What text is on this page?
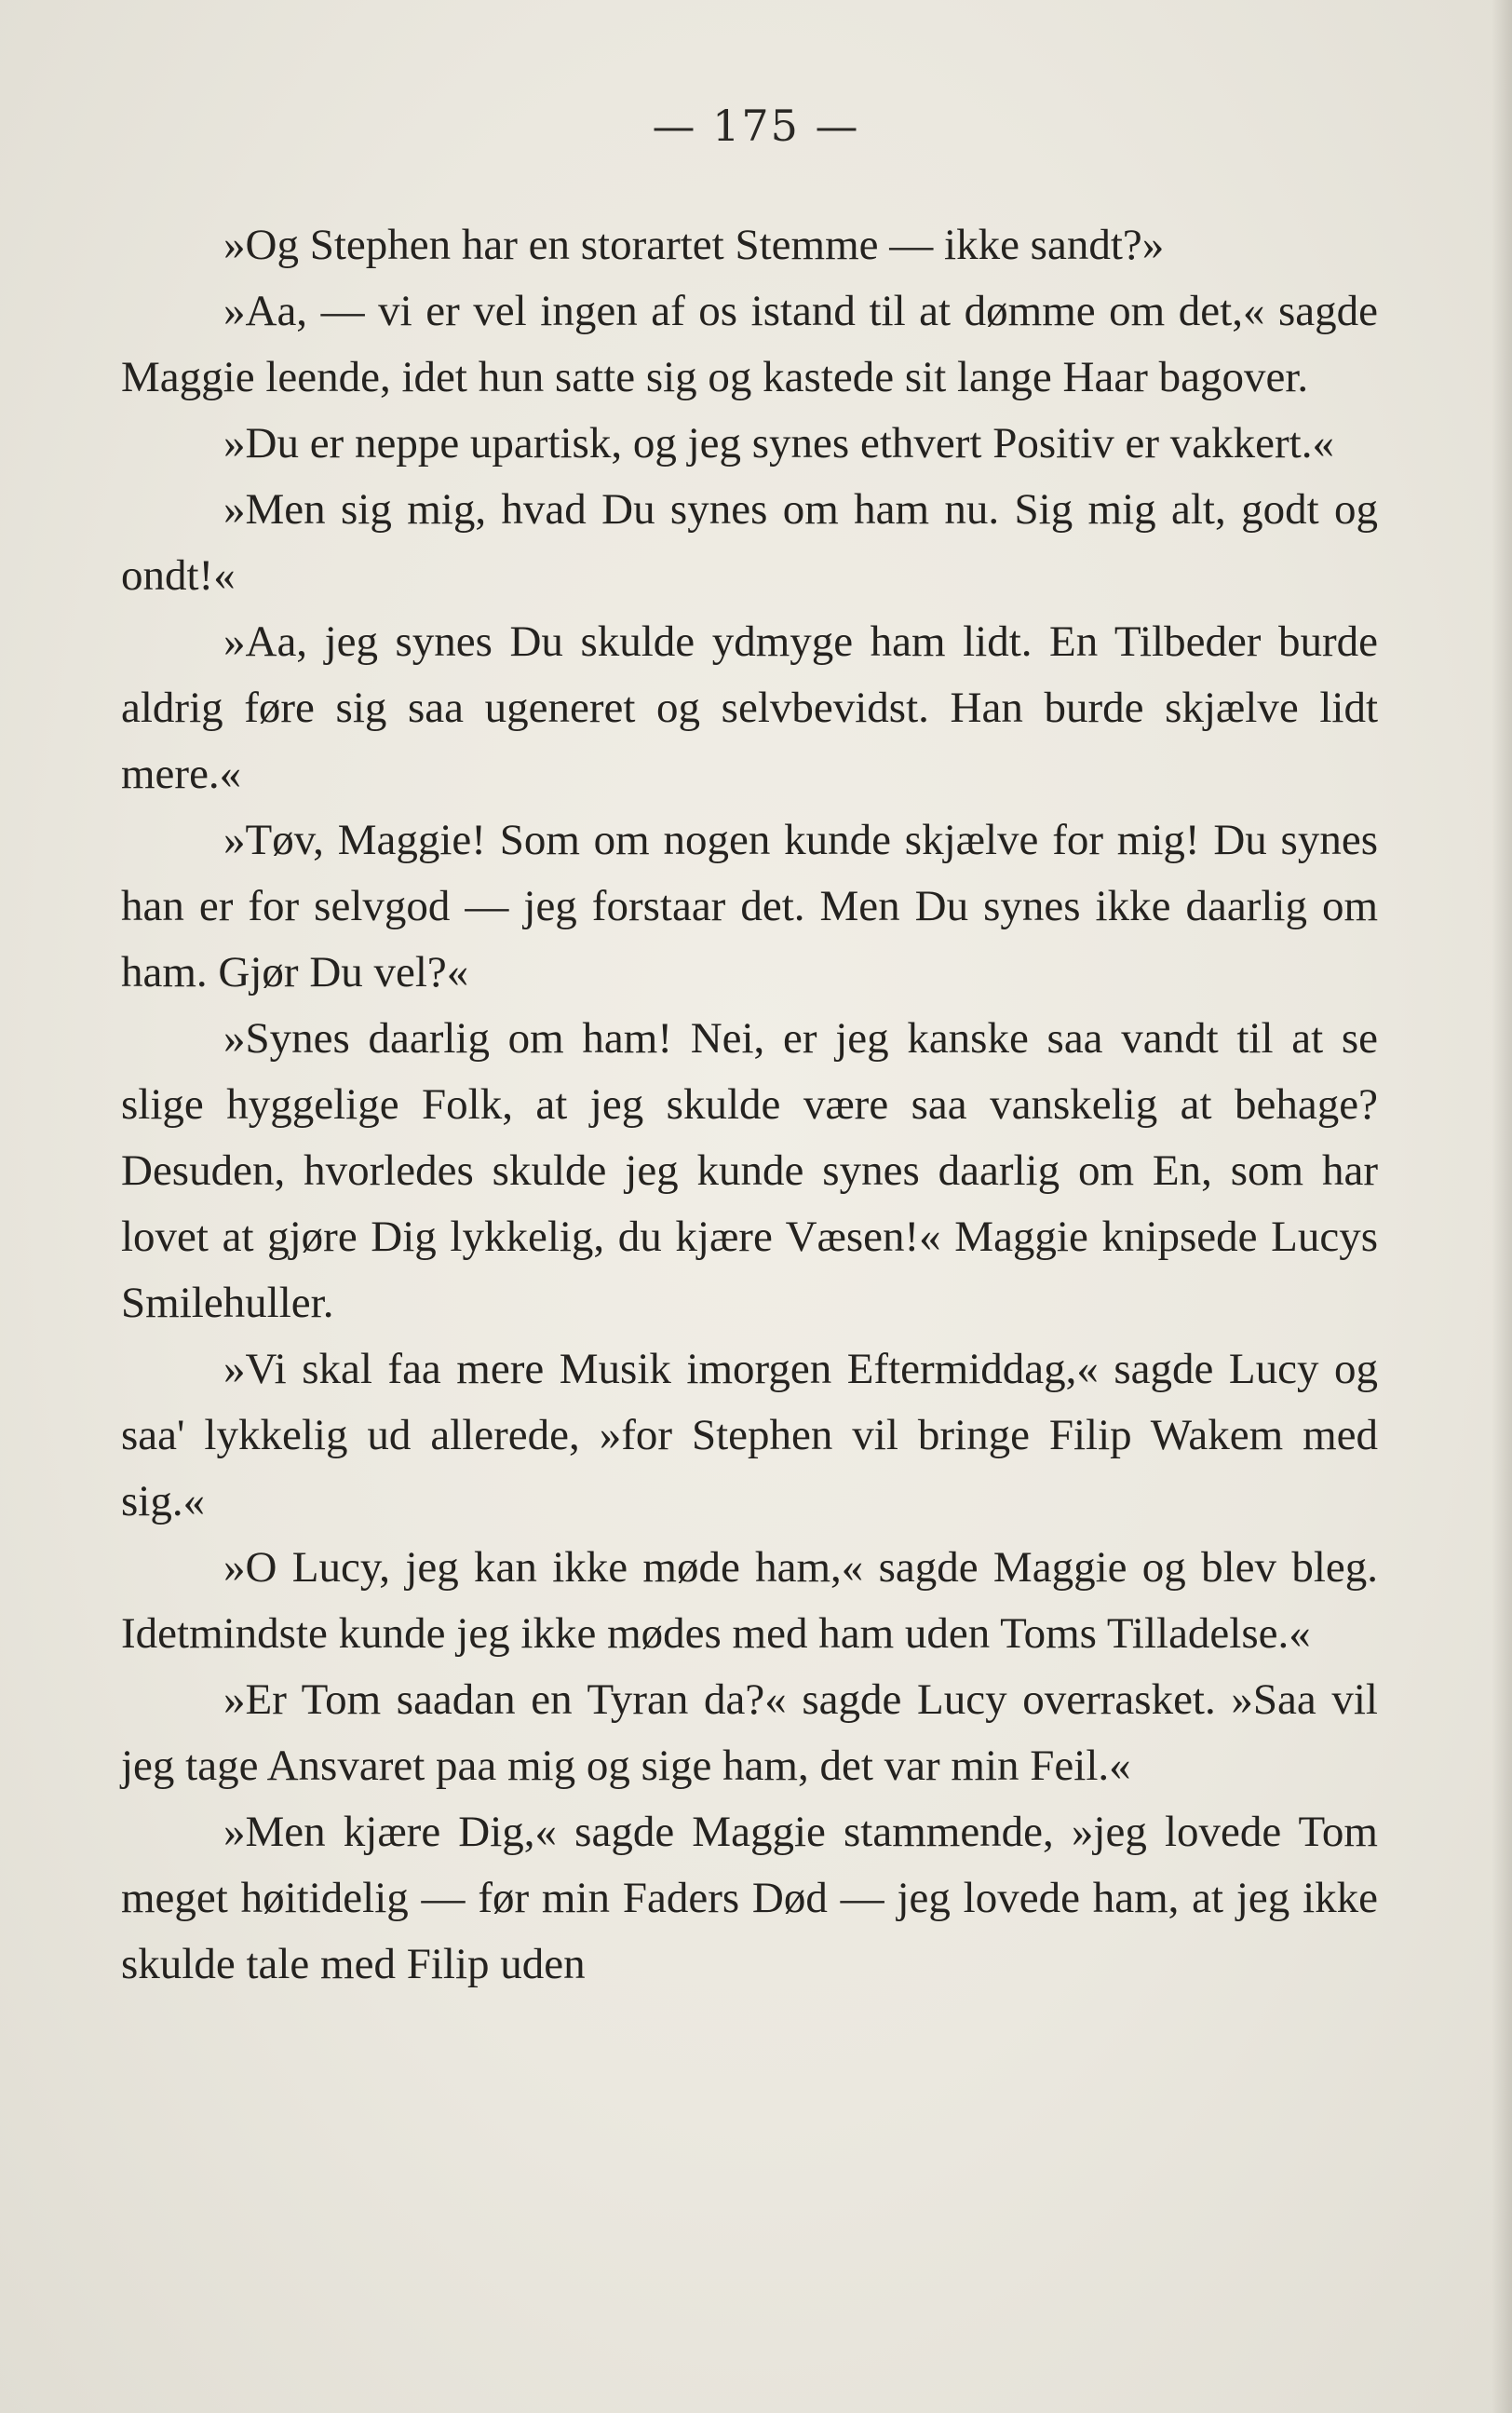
— 175 —

»Og Stephen har en storartet Stemme — ikke sandt?»

»Aa, — vi er vel ingen af os istand til at dømme om det,« sagde Maggie leende, idet hun satte sig og kastede sit lange Haar bagover.

»Du er neppe upartisk, og jeg synes ethvert Positiv er vakkert.«

»Men sig mig, hvad Du synes om ham nu. Sig mig alt, godt og ondt!«

»Aa, jeg synes Du skulde ydmyge ham lidt. En Tilbeder burde aldrig føre sig saa ugeneret og selvbevidst. Han burde skjælve lidt mere.«

»Tøv, Maggie! Som om nogen kunde skjælve for mig! Du synes han er for selvgod — jeg forstaar det. Men Du synes ikke daarlig om ham. Gjør Du vel?«

»Synes daarlig om ham! Nei, er jeg kanske saa vandt til at se slige hyggelige Folk, at jeg skulde være saa vanskelig at behage? Desuden, hvorledes skulde jeg kunde synes daarlig om En, som har lovet at gjøre Dig lykkelig, du kjære Væsen!« Maggie knipsede Lucys Smilehuller.

»Vi skal faa mere Musik imorgen Eftermiddag,« sagde Lucy og saa' lykkelig ud allerede, »for Stephen vil bringe Filip Wakem med sig.«

»O Lucy, jeg kan ikke møde ham,« sagde Maggie og blev bleg. Idetmindste kunde jeg ikke mødes med ham uden Toms Tilladelse.«

»Er Tom saadan en Tyran da?« sagde Lucy overrasket. »Saa vil jeg tage Ansvaret paa mig og sige ham, det var min Feil.«

»Men kjære Dig,« sagde Maggie stammende, »jeg lovede Tom meget høitidelig — før min Faders Død — jeg lovede ham, at jeg ikke skulde tale med Filip uden
